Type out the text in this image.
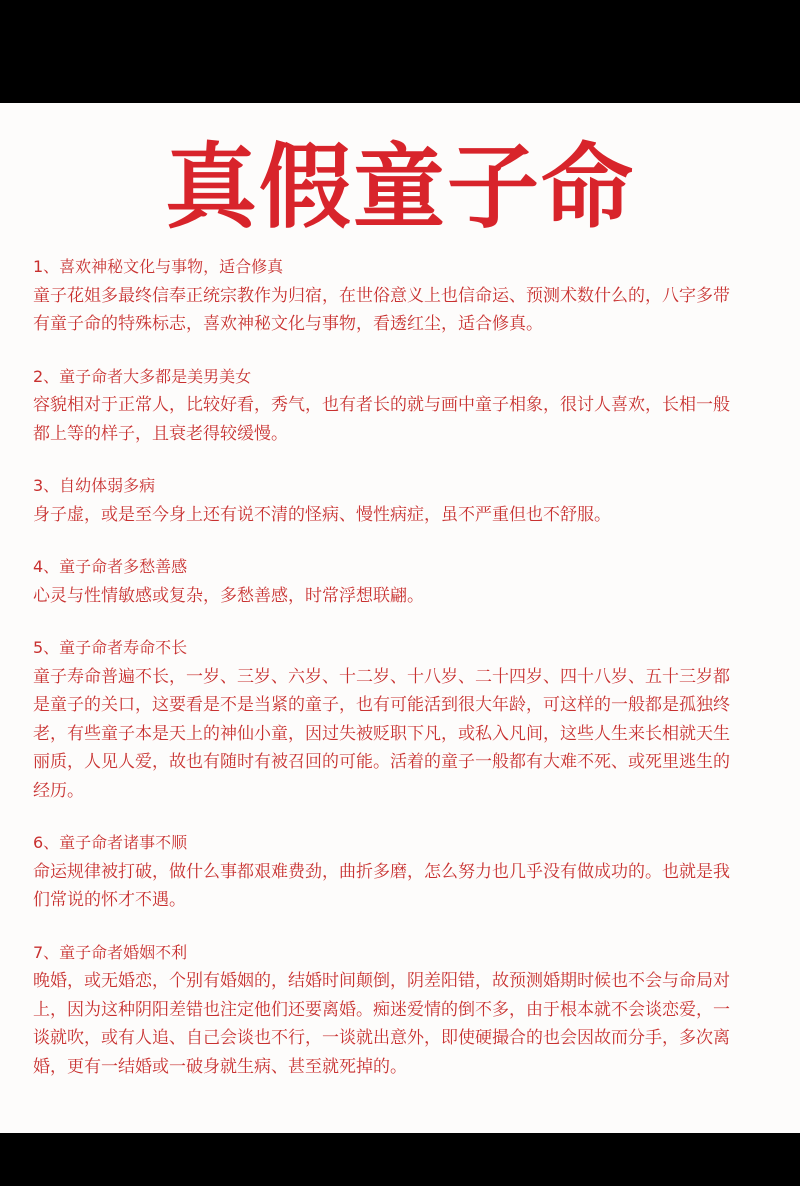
真假童子命

1、喜欢神秘文化与事物，适合修真

童子花姐多最终信奉正统宗教作为归宿，在世俗意义上也信命运、预测术数什么的，八字多带
有童子命的特殊标志，喜欢神秘文化与事物，看透红尘，适合修真。

2、童子命者大多都是美男美女

容貌相对于正常人，比较好看，秀气，也有者长的就与画中童子相象，很讨人喜欢，长相一般
都上等的样子，且衰老得较缓慢。

3、自幼体弱多病

身子虚，或是至今身上还有说不清的怪病、慢性病症，虽不严重但也不舒服。

4、童子命者多愁善感

心灵与性情敏感或复杂，多愁善感，时常浮想联翩。

5、童子命者寿命不长

童子寿命普遍不长，一岁、三岁、六岁、十二岁、十八岁、二十四岁、四十八岁、五十三岁都
是童子的关口，这要看是不是当紧的童子，也有可能活到很大年龄，可这样的一般都是孤独终
老，有些童子本是天上的神仙小童，因过失被贬职下凡，或私入凡间，这些人生来长相就天生
丽质，人见人爱，故也有随时有被召回的可能。活着的童子一般都有大难不死、或死里逃生的
经历。

6、童子命者诸事不顺

命运规律被打破，做什么事都艰难费劲，曲折多磨，怎么努力也几乎没有做成功的。也就是我
们常说的怀才不遇。

7、童子命者婚姻不利

晚婚，或无婚恋，个别有婚姻的，结婚时间颠倒，阴差阳错，故预测婚期时候也不会与命局对
上，因为这种阴阳差错也注定他们还要离婚。痴迷爱情的倒不多，由于根本就不会谈恋爱，一
谈就吹，或有人追、自己会谈也不行，一谈就出意外，即使硬撮合的也会因故而分手，多次离
婚，更有一结婚或一破身就生病、甚至就死掉的。
